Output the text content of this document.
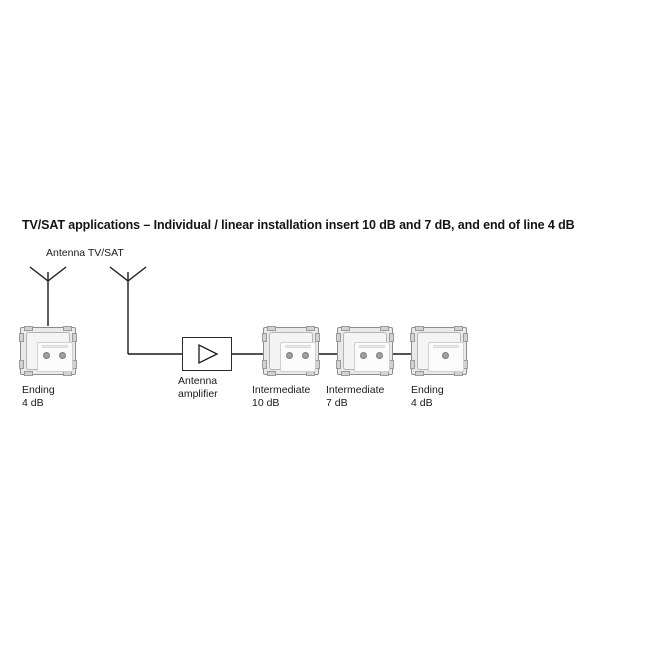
TV/SAT applications – Individual / linear installation insert 10 dB and 7 dB, and end of line 4 dB
Antenna TV/SAT
Ending
4 dB
Antenna
amplifier	Intermediate
10 dB
Intermediate
7 dB
Ending
4 dB
